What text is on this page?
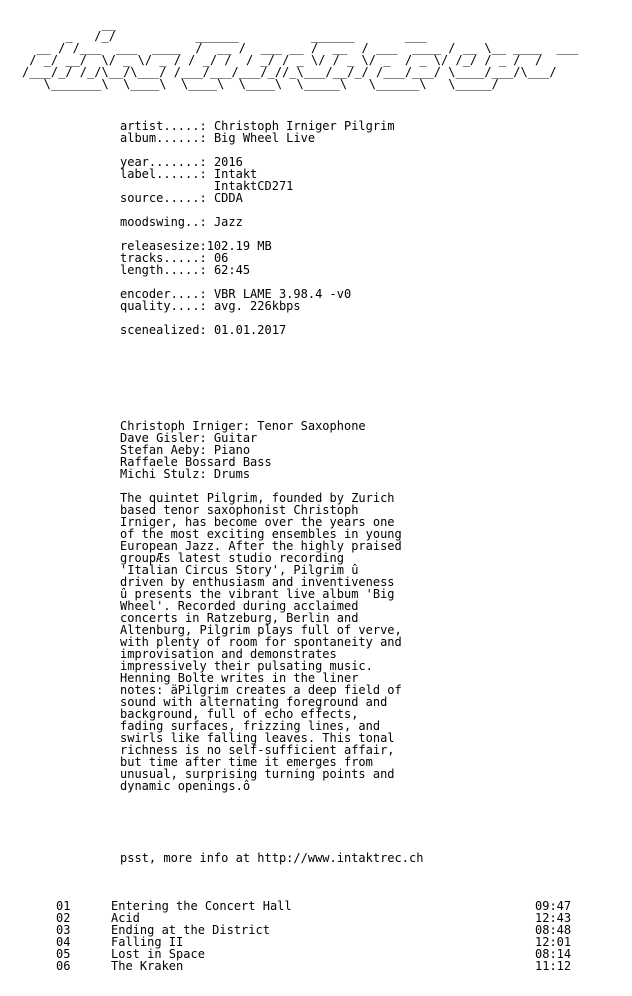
__
_   /_/           ______          ______       ___
__ / /___  ___  ____  /  __ /  ___ __ /  __  / ___  ____ / __ \__ ____  ___
/ _/ __/  \/ _ \/ _ / / _/ /  / _/ / _ \/ / _ \/ _  / _ \/ /_/ / _ /  /
/___/_/ /_/\__/\___/ /___/___/___/_//_\___/__/_/ /___/___/ \____/___/\___/
\_______\  \____\  \____\  \____\  \_____\   \______\   \_____/
artist.....: Christoph Irniger Pilgrim
album......: Big Wheel Live
year.......: 2016
label......: Intakt
IntaktCD271
source.....: CDDA
moodswing..: Jazz
releasesize:102.19 MB
tracks.....: 06
length.....: 62:45
encoder....: VBR LAME 3.98.4 -v0
quality....: avg. 226kbps
scenealized: 01.01.2017
Christoph Irniger: Tenor Saxophone
Dave Gisler: Guitar
Stefan Aeby: Piano
Raffaele Bossard Bass
Michi Stulz: Drums
The quintet Pilgrim, founded by Zurich
based tenor saxophonist Christoph
Irniger, has become over the years one
of the most exciting ensembles in young
European Jazz. After the highly praised
groupÆs latest studio recording
'Italian Circus Story', Pilgrim û
driven by enthusiasm and inventiveness
û presents the vibrant live album 'Big
Wheel'. Recorded during acclaimed
concerts in Ratzeburg, Berlin and
Altenburg, Pilgrim plays full of verve,
with plenty of room for spontaneity and
improvisation and demonstrates
impressively their pulsating music.
Henning Bolte writes in the liner
notes: äPilgrim creates a deep field of
sound with alternating foreground and
background, full of echo effects,
fading surfaces, frizzing lines, and
swirls like falling leaves. This tonal
richness is no self-sufficient affair,
but time after time it emerges from
unusual, surprising turning points and
dynamic openings.ô
psst, more info at http://www.intaktrec.ch
01	Entering the Concert Hall	09:47
02	Acid	12:43
03	Ending at the District	08:48
04	Falling II	12:01
05	Lost in Space	08:14
06	The Kraken	11:12
